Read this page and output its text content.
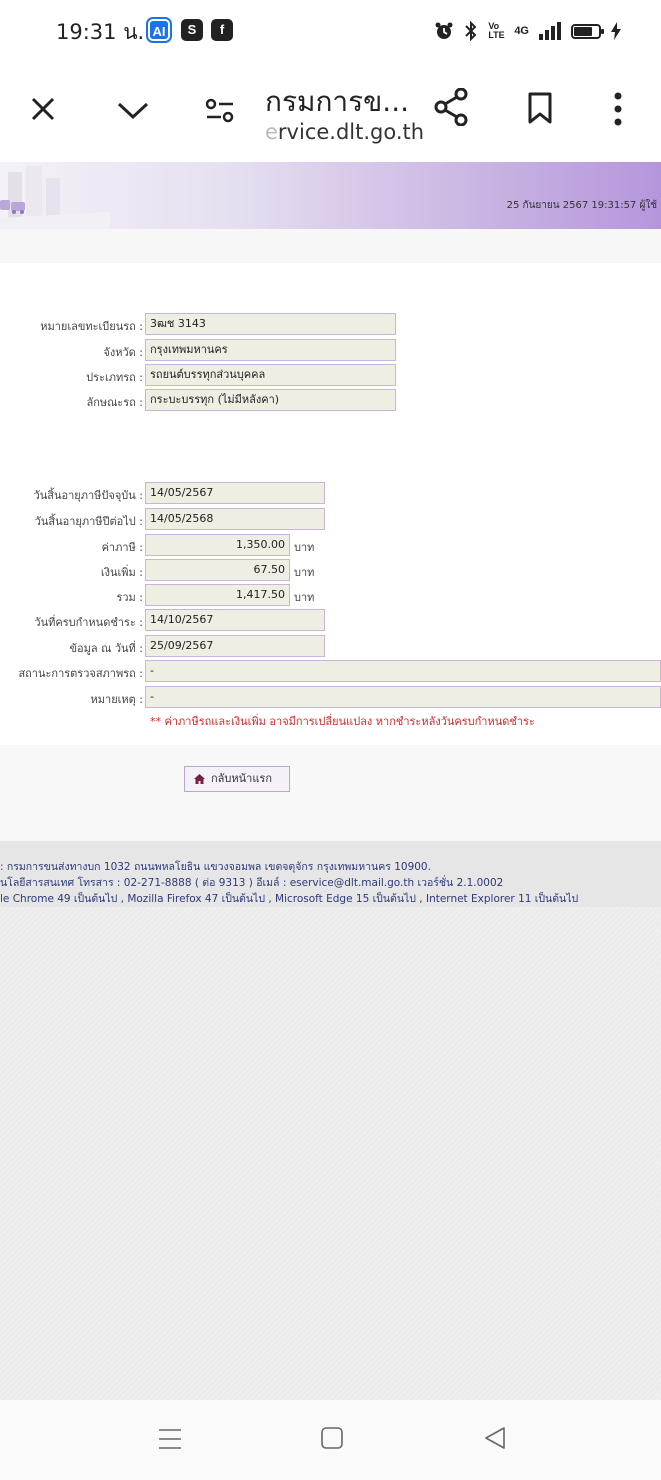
19:31 น. AI	S	f	Vo LTE 4G
กรมการข...
ervice.dlt.go.th
25 กันยายน 2567 19:31:57 ผู้ใช้
หมายเลขทะเบียนรถ : 3ฒช 3143
จังหวัด : กรุงเทพมหานคร
ประเภทรถ : รถยนต์บรรทุกส่วนบุคคล
ลักษณะรถ : กระบะบรรทุก (ไม่มีหลังคา)
วันสิ้นอายุภาษีปัจจุบัน : 14/05/2567
วันสิ้นอายุภาษีปีต่อไป : 14/05/2568
ค่าภาษี :	1,350.00 บาท
เงินเพิ่ม :	67.50 บาท
รวม :	1,417.50 บาท
วันที่ครบกำหนดชำระ : 14/10/2567
ข้อมูล ณ วันที่ : 25/09/2567
สถานะการตรวจสภาพรถ : -
หมายเหตุ : -
** ค่าภาษีรถและเงินเพิ่ม อาจมีการเปลี่ยนแปลง หากชำระหลังวันครบกำหนดชำระ
กลับหน้าแรก
: กรมการขนส่งทางบก 1032 ถนนพหลโยธิน แขวงจอมพล เขตจตุจักร กรุงเทพมหานคร 10900.
นโลยีสารสนเทศ โทรสาร : 02-271-8888 ( ต่อ 9313 ) อีเมล์ : eservice@dlt.mail.go.th เวอร์ชั่น 2.1.0002
le Chrome 49 เป็นต้นไป , Mozilla Firefox 47 เป็นต้นไป , Microsoft Edge 15 เป็นต้นไป , Internet Explorer 11 เป็นต้นไป
